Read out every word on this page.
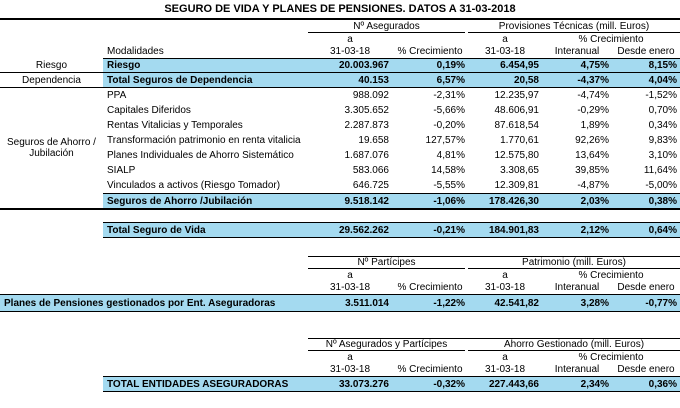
SEGURO DE VIDA Y PLANES DE PENSIONES. DATOS A 31-03-2018
Nº Asegurados	Provisiones Técnicas (mill. Euros)
a	a	% Crecimiento
Modalidades	31-03-18	% Crecimiento	31-03-18	Interanual	Desde enero
Riesgo	Riesgo	20.003.967	0,19%	6.454,95	4,75%	8,15%
Dependencia	Total Seguros de Dependencia	40.153	6,57%	20,58	-4,37%	4,04%
PPA	988.092	-2,31%	12.235,97	-4,74%	-1,52%
Capitales Diferidos	3.305.652	-5,66%	48.606,91	-0,29%	0,70%
Rentas Vitalicias y Temporales	2.287.873	-0,20%	87.618,54	1,89%	0,34%
Transformación patrimonio en renta vitalicia	19.658	127,57%	1.770,61	92,26%	9,83%
Planes Individuales de Ahorro Sistemático	1.687.076	4,81%	12.575,80	13,64%	3,10%
SIALP	583.066	14,58%	3.308,65	39,85%	11,64%
Vinculados a activos (Riesgo Tomador)	646.725	-5,55%	12.309,81	-4,87%	-5,00%
Seguros de Ahorro /Jubilación	9.518.142	-1,06%	178.426,30	2,03%	0,38%
Seguros de Ahorro / Jubilación
Total Seguro de Vida	29.562.262	-0,21%	184.901,83	2,12%	0,64%
Nº Partícipes	Patrimonio (mill. Euros)
a	a	% Crecimiento
31-03-18	% Crecimiento	31-03-18	Interanual	Desde enero
Planes de Pensiones gestionados por Ent. Aseguradoras	3.511.014	-1,22%	42.541,82	3,28%	-0,77%
Nº Asegurados y Partícipes	Ahorro Gestionado (mill. Euros)
a	a	% Crecimiento
31-03-18	% Crecimiento	31-03-18	Interanual	Desde enero
TOTAL ENTIDADES ASEGURADORAS	33.073.276	-0,32%	227.443,66	2,34%	0,36%
